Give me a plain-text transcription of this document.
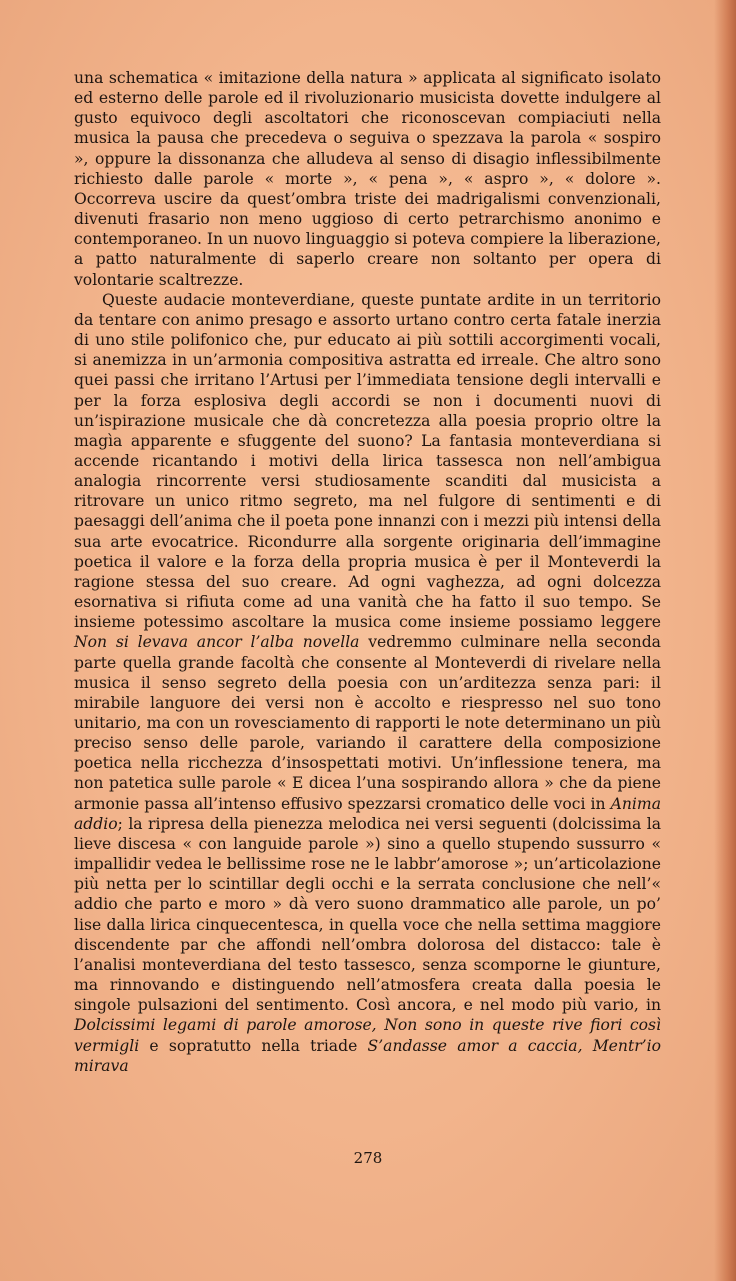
una schematica « imitazione della natura » applicata al significato isolato ed esterno delle parole ed il rivoluzionario musicista dovette indulgere al gusto equivoco degli ascoltatori che riconoscevan compiaciuti nella musica la pausa che precedeva o seguiva o spezzava la parola « sospiro », oppure la dissonanza che alludeva al senso di disagio inflessibilmente richiesto dalle parole « morte », « pena », « aspro », « dolore ». Occorreva uscire da quest’ombra triste dei madrigalismi convenzionali, divenuti frasario non meno uggioso di certo petrarchismo anonimo e contemporaneo. In un nuovo linguaggio si poteva compiere la liberazione, a patto naturalmente di saperlo creare non soltanto per opera di volontarie scaltrezze.

Queste audacie monteverdiane, queste puntate ardite in un territorio da tentare con animo presago e assorto urtano contro certa fatale inerzia di uno stile polifonico che, pur educato ai più sottili accorgimenti vocali, si anemizza in un’armonia compositiva astratta ed irreale. Che altro sono quei passi che irritano l’Artusi per l’immediata tensione degli intervalli e per la forza esplosiva degli accordi se non i documenti nuovi di un’ispirazione musicale che dà concretezza alla poesia proprio oltre la magìa apparente e sfuggente del suono? La fantasia monteverdiana si accende ricantando i motivi della lirica tassesca non nell’ambigua analogia rincorrente versi studiosamente scanditi dal musicista a ritrovare un unico ritmo segreto, ma nel fulgore di sentimenti e di paesaggi dell’anima che il poeta pone innanzi con i mezzi più intensi della sua arte evocatrice. Ricondurre alla sorgente originaria dell’immagine poetica il valore e la forza della propria musica è per il Monteverdi la ragione stessa del suo creare. Ad ogni vaghezza, ad ogni dolcezza esornativa si rifiuta come ad una vanità che ha fatto il suo tempo. Se insieme potessimo ascoltare la musica come insieme possiamo leggere Non si levava ancor l’alba novella vedremmo culminare nella seconda parte quella grande facoltà che consente al Monteverdi di rivelare nella musica il senso segreto della poesia con un’arditezza senza pari: il mirabile languore dei versi non è accolto e riespresso nel suo tono unitario, ma con un rovesciamento di rapporti le note determinano un più preciso senso delle parole, variando il carattere della composizione poetica nella ricchezza d’insospettati motivi. Un’inflessione tenera, ma non patetica sulle parole « E dicea l’una sospirando allora » che da piene armonie passa all’intenso effusivo spezzarsi cromatico delle voci in Anima addio; la ripresa della pienezza melodica nei versi seguenti (dolcissima la lieve discesa « con languide parole ») sino a quello stupendo sussurro « impallidir vedea le bellissime rose ne le labbr’amorose »; un’articolazione più netta per lo scintillar degli occhi e la serrata conclusione che nell’« addio che parto e moro » dà vero suono drammatico alle parole, un po’ lise dalla lirica cinquecentesca, in quella voce che nella settima maggiore discendente par che affondi nell’ombra dolorosa del distacco: tale è l’analisi monteverdiana del testo tassesco, senza scomporne le giunture, ma rinnovando e distinguendo nell’atmosfera creata dalla poesia le singole pulsazioni del sentimento. Così ancora, e nel modo più vario, in Dolcissimi legami di parole amorose, Non sono in queste rive fiori così vermigli e sopratutto nella triade S’andasse amor a caccia, Mentr’io mirava

278
